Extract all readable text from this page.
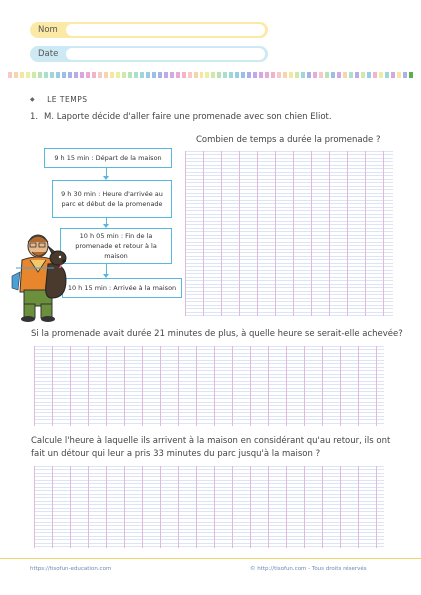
Nom
Date
◆ LE TEMPS
1. M. Laporte décide d'aller faire une promenade avec son chien Eliot.
Combien de temps a durée la promenade ?
9 h 15 min : Départ de la maison
9 h 30 min : Heure d'arrivée au parc et début de la promenade
10 h 05 min : Fin de la promenade et retour à la maison
10 h 15 min : Arrivée à la maison
Si la promenade avait durée 21 minutes de plus, à quelle heure se serait-elle achevée?
Calcule l'heure à laquelle ils arrivent à la maison en considérant qu'au retour, ils ont fait un détour qui leur a pris 33 minutes du parc jusqu'à la maison ?
https://tisofun-education.com	© http://tisofun.com - Tous droits réservés
